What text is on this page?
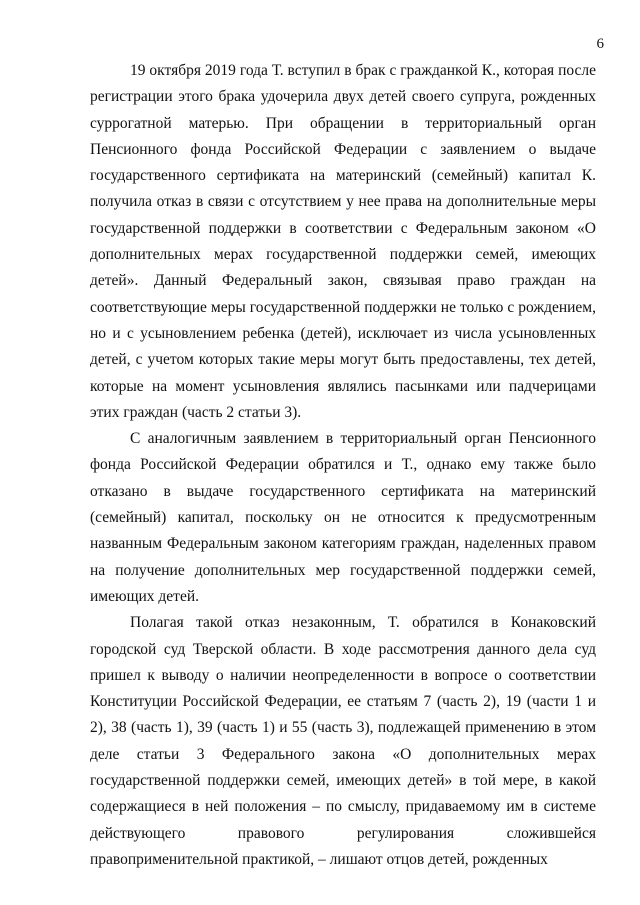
6

19 октября 2019 года Т. вступил в брак с гражданкой К., которая после регистрации этого брака удочерила двух детей своего супруга, рожденных суррогатной матерью. При обращении в территориальный орган Пенсионного фонда Российской Федерации с заявлением о выдаче государственного сертификата на материнский (семейный) капитал К. получила отказ в связи с отсутствием у нее права на дополнительные меры государственной поддержки в соответствии с Федеральным законом «О дополнительных мерах государственной поддержки семей, имеющих детей». Данный Федеральный закон, связывая право граждан на соответствующие меры государственной поддержки не только с рождением, но и с усыновлением ребенка (детей), исключает из числа усыновленных детей, с учетом которых такие меры могут быть предоставлены, тех детей, которые на момент усыновления являлись пасынками или падчерицами этих граждан (часть 2 статьи 3).

С аналогичным заявлением в территориальный орган Пенсионного фонда Российской Федерации обратился и Т., однако ему также было отказано в выдаче государственного сертификата на материнский (семейный) капитал, поскольку он не относится к предусмотренным названным Федеральным законом категориям граждан, наделенных правом на получение дополнительных мер государственной поддержки семей, имеющих детей.

Полагая такой отказ незаконным, Т. обратился в Конаковский городской суд Тверской области. В ходе рассмотрения данного дела суд пришел к выводу о наличии неопределенности в вопросе о соответствии Конституции Российской Федерации, ее статьям 7 (часть 2), 19 (части 1 и 2), 38 (часть 1), 39 (часть 1) и 55 (часть 3), подлежащей применению в этом деле статьи 3 Федерального закона «О дополнительных мерах государственной поддержки семей, имеющих детей» в той мере, в какой содержащиеся в ней положения – по смыслу, придаваемому им в системе действующего правового регулирования сложившейся правоприменительной практикой, – лишают отцов детей, рожденных
